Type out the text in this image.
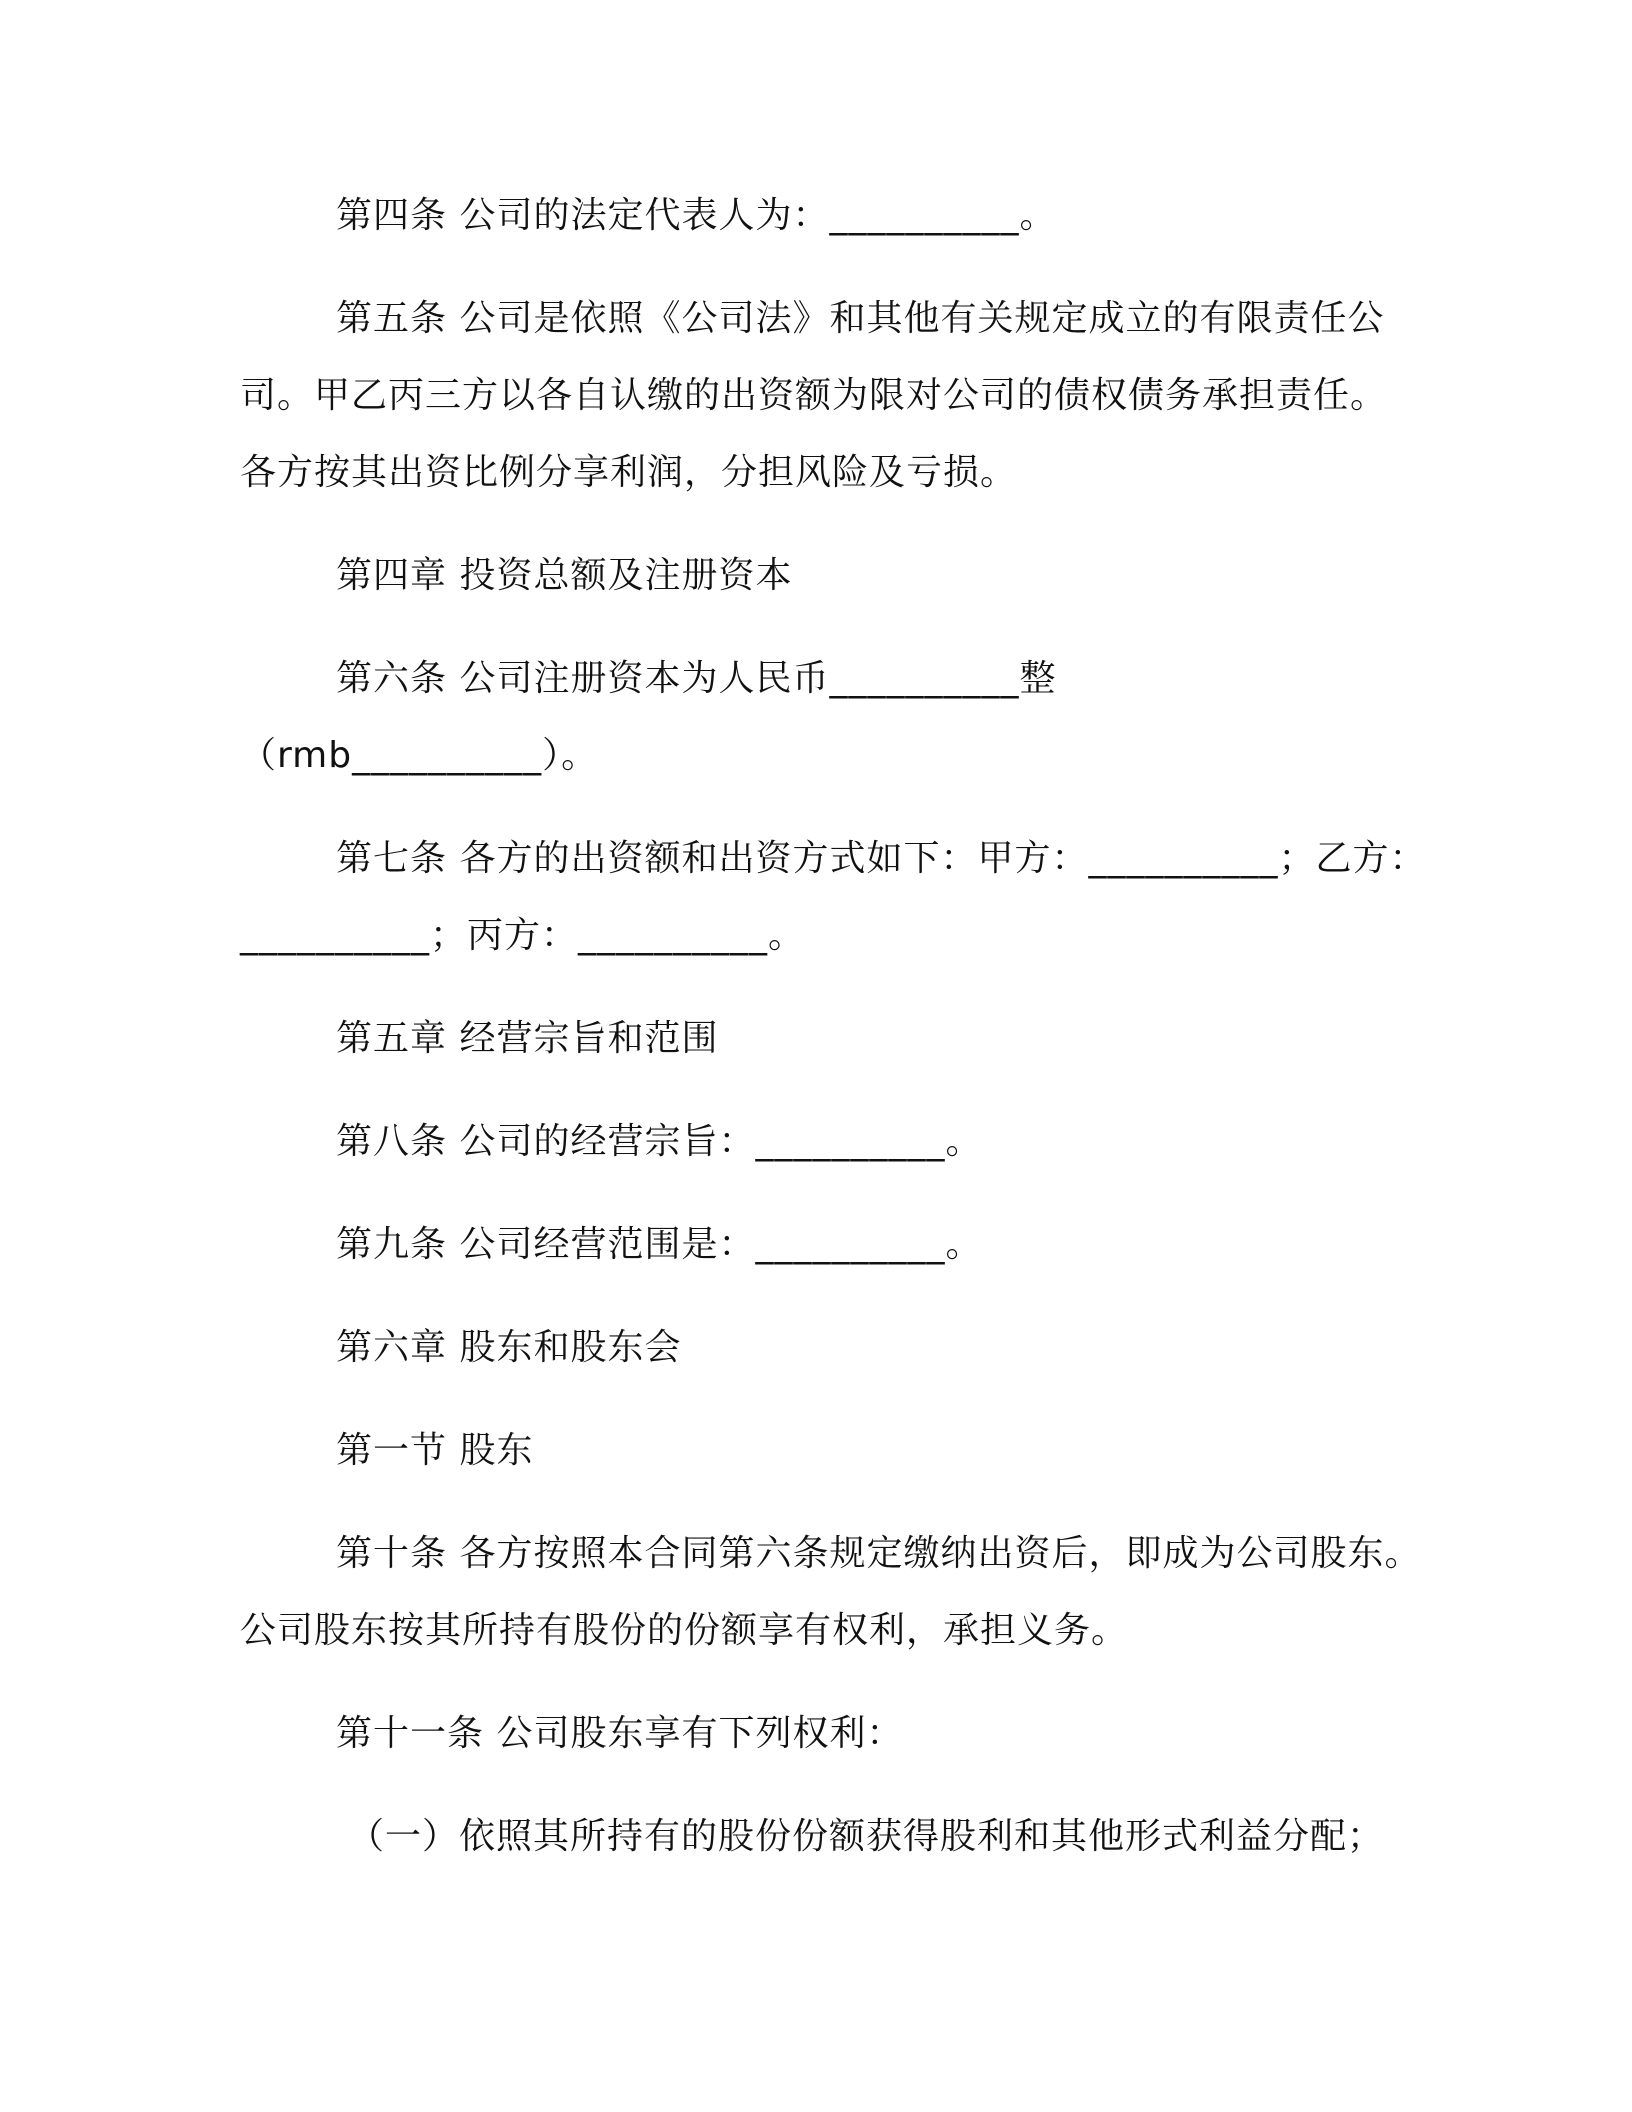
第四条 公司的法定代表人为：__________。
第五条 公司是依照《公司法》和其他有关规定成立的有限责任公
司。甲乙丙三方以各自认缴的出资额为限对公司的债权债务承担责任。
各方按其出资比例分享利润，分担风险及亏损。
第四章 投资总额及注册资本
第六条 公司注册资本为人民币__________整
（rmb__________）。
第七条 各方的出资额和出资方式如下：甲方：__________；乙方：
__________；丙方：__________。
第五章 经营宗旨和范围
第八条 公司的经营宗旨：__________。
第九条 公司经营范围是：__________。
第六章 股东和股东会
第一节 股东
第十条 各方按照本合同第六条规定缴纳出资后，即成为公司股东。
公司股东按其所持有股份的份额享有权利，承担义务。
第十一条 公司股东享有下列权利：
（一）依照其所持有的股份份额获得股利和其他形式利益分配；
